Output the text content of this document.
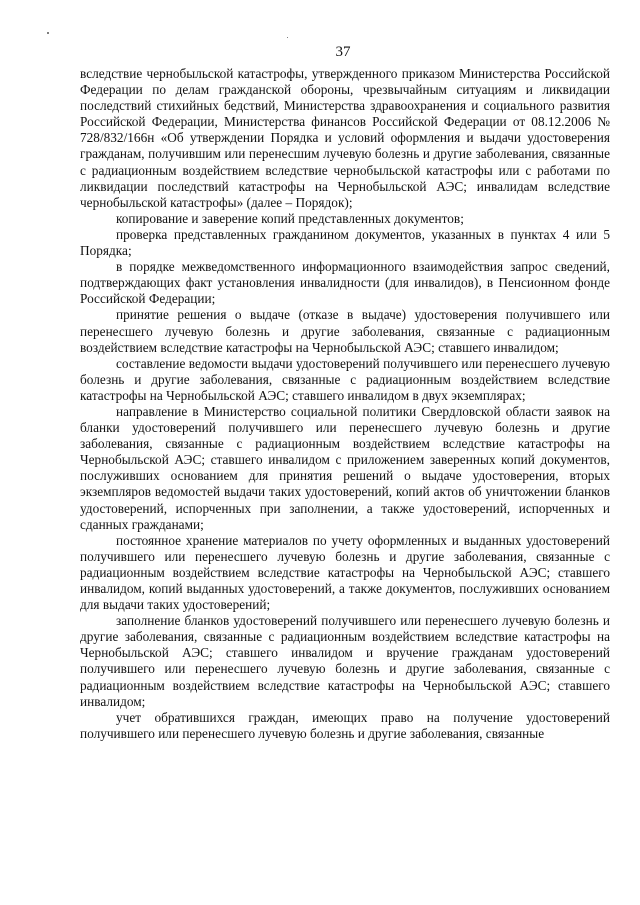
37

вследствие чернобыльской катастрофы, утвержденного приказом Министерства Российской Федерации по делам гражданской обороны, чрезвычайным ситуациям и ликвидации последствий стихийных бедствий, Министерства здравоохранения и социального развития Российской Федерации, Министерства финансов Российской Федерации от 08.12.2006 № 728/832/166н «Об утверждении Порядка и условий оформления и выдачи удостоверения гражданам, получившим или перенесшим лучевую болезнь и другие заболевания, связанные с радиационным воздействием вследствие чернобыльской катастрофы или с работами по ликвидации последствий катастрофы на Чернобыльской АЭС; инвалидам вследствие чернобыльской катастрофы» (далее – Порядок);

копирование и заверение копий представленных документов;

проверка представленных гражданином документов, указанных в пунктах 4 или 5 Порядка;

в порядке межведомственного информационного взаимодействия запрос сведений, подтверждающих факт установления инвалидности (для инвалидов), в Пенсионном фонде Российской Федерации;

принятие решения о выдаче (отказе в выдаче) удостоверения получившего или перенесшего лучевую болезнь и другие заболевания, связанные с радиационным воздействием вследствие катастрофы на Чернобыльской АЭС; ставшего инвалидом;

составление ведомости выдачи удостоверений получившего или перенесшего лучевую болезнь и другие заболевания, связанные с радиационным воздействием вследствие катастрофы на Чернобыльской АЭС; ставшего инвалидом в двух экземплярах;

направление в Министерство социальной политики Свердловской области заявок на бланки удостоверений получившего или перенесшего лучевую болезнь и другие заболевания, связанные с радиационным воздействием вследствие катастрофы на Чернобыльской АЭС; ставшего инвалидом с приложением заверенных копий документов, послуживших основанием для принятия решений о выдаче удостоверения, вторых экземпляров ведомостей выдачи таких удостоверений, копий актов об уничтожении бланков удостоверений, испорченных при заполнении, а также удостоверений, испорченных и сданных гражданами;

постоянное хранение материалов по учету оформленных и выданных удостоверений получившего или перенесшего лучевую болезнь и другие заболевания, связанные с радиационным воздействием вследствие катастрофы на Чернобыльской АЭС; ставшего инвалидом, копий выданных удостоверений, а также документов, послуживших основанием для выдачи таких удостоверений;

заполнение бланков удостоверений получившего или перенесшего лучевую болезнь и другие заболевания, связанные с радиационным воздействием вследствие катастрофы на Чернобыльской АЭС; ставшего инвалидом и вручение гражданам удостоверений получившего или перенесшего лучевую болезнь и другие заболевания, связанные с радиационным воздействием вследствие катастрофы на Чернобыльской АЭС; ставшего инвалидом;

учет обратившихся граждан, имеющих право на получение удостоверений получившего или перенесшего лучевую болезнь и другие заболевания, связанные
